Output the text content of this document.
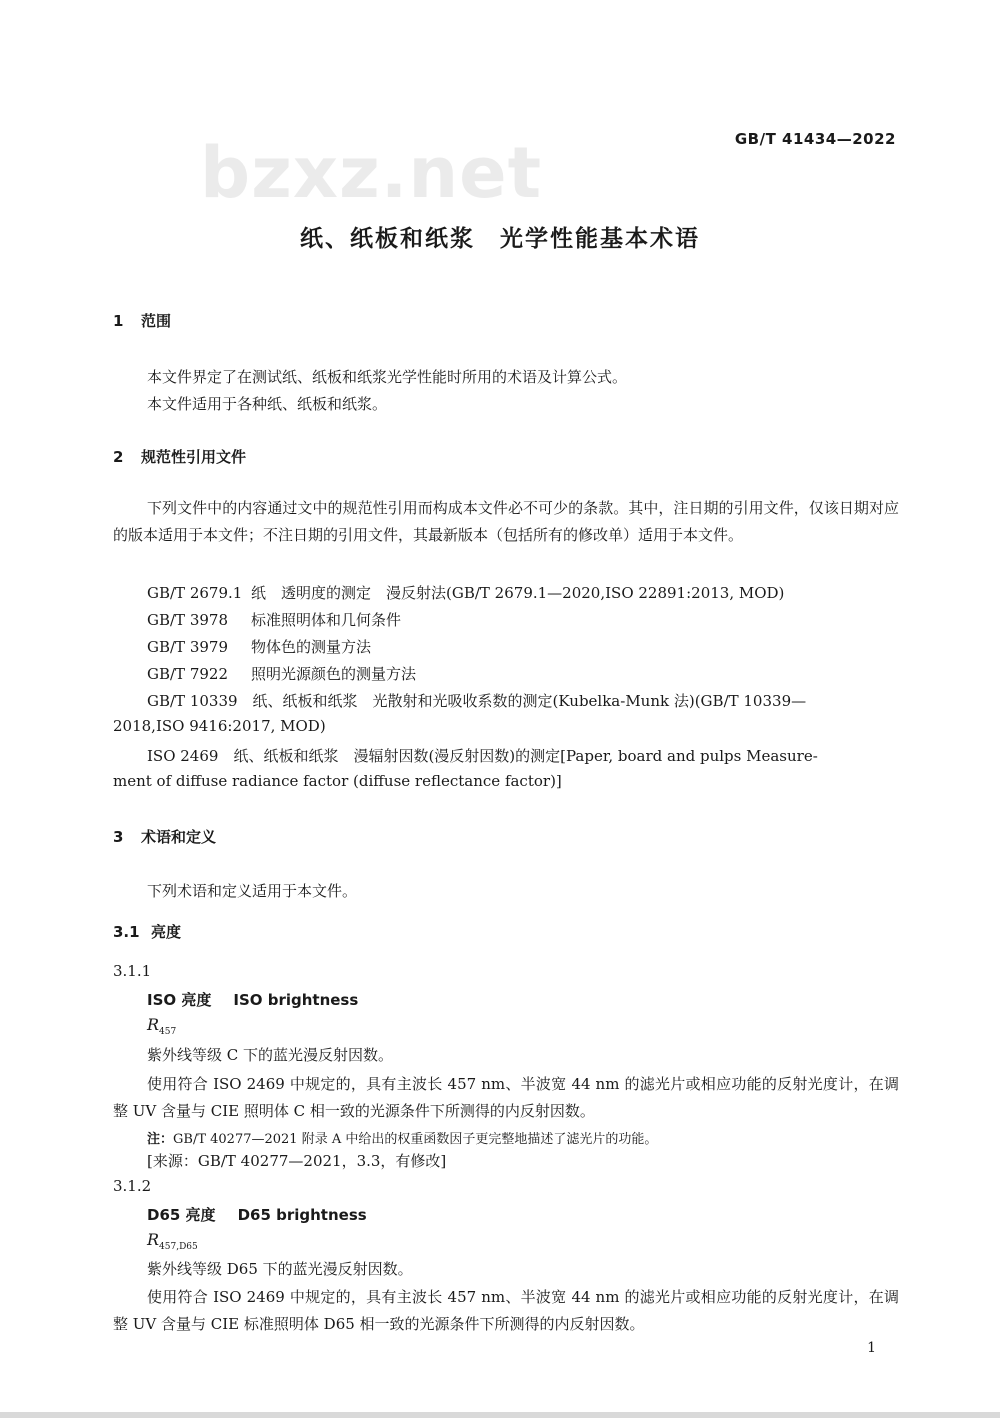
bzxz.net	GB/T 41434—2022
纸、纸板和纸浆　光学性能基本术语
1 范围
本文件界定了在测试纸、纸板和纸浆光学性能时所用的术语及计算公式。
本文件适用于各种纸、纸板和纸浆。
2 规范性引用文件
下列文件中的内容通过文中的规范性引用而构成本文件必不可少的条款。其中，注日期的引用文件，仅该日期对应的版本适用于本文件；不注日期的引用文件，其最新版本（包括所有的修改单）适用于本文件。
GB/T 2679.1 纸　透明度的测定　漫反射法(GB/T 2679.1—2020,ISO 22891:2013, MOD)
GB/T 3978 标准照明体和几何条件
GB/T 3979 物体色的测量方法
GB/T 7922 照明光源颜色的测量方法
GB/T 10339　纸、纸板和纸浆　光散射和光吸收系数的测定(Kubelka-Munk 法)(GB/T 10339—
2018,ISO 9416:2017, MOD)
ISO 2469　纸、纸板和纸浆　漫辐射因数(漫反射因数)的测定[Paper, board and pulps Measure-
ment of diffuse radiance factor (diffuse reflectance factor)]
3 术语和定义
下列术语和定义适用于本文件。
3.1 亮度
3.1.1
ISO 亮度 ISO brightness
$R_{457}$
紫外线等级 C 下的蓝光漫反射因数。
使用符合 ISO 2469 中规定的，具有主波长 457 nm、半波宽 44 nm 的滤光片或相应功能的反射光度计，在调整 UV 含量与 CIE 照明体 C 相一致的光源条件下所测得的内反射因数。
注：GB/T 40277—2021 附录 A 中给出的权重函数因子更完整地描述了滤光片的功能。
[来源：GB/T 40277—2021，3.3，有修改]
3.1.2
D65 亮度 D65 brightness
$R_{457,D65}$
紫外线等级 D65 下的蓝光漫反射因数。
使用符合 ISO 2469 中规定的，具有主波长 457 nm、半波宽 44 nm 的滤光片或相应功能的反射光度计，在调整 UV 含量与 CIE 标准照明体 D65 相一致的光源条件下所测得的内反射因数。
1
